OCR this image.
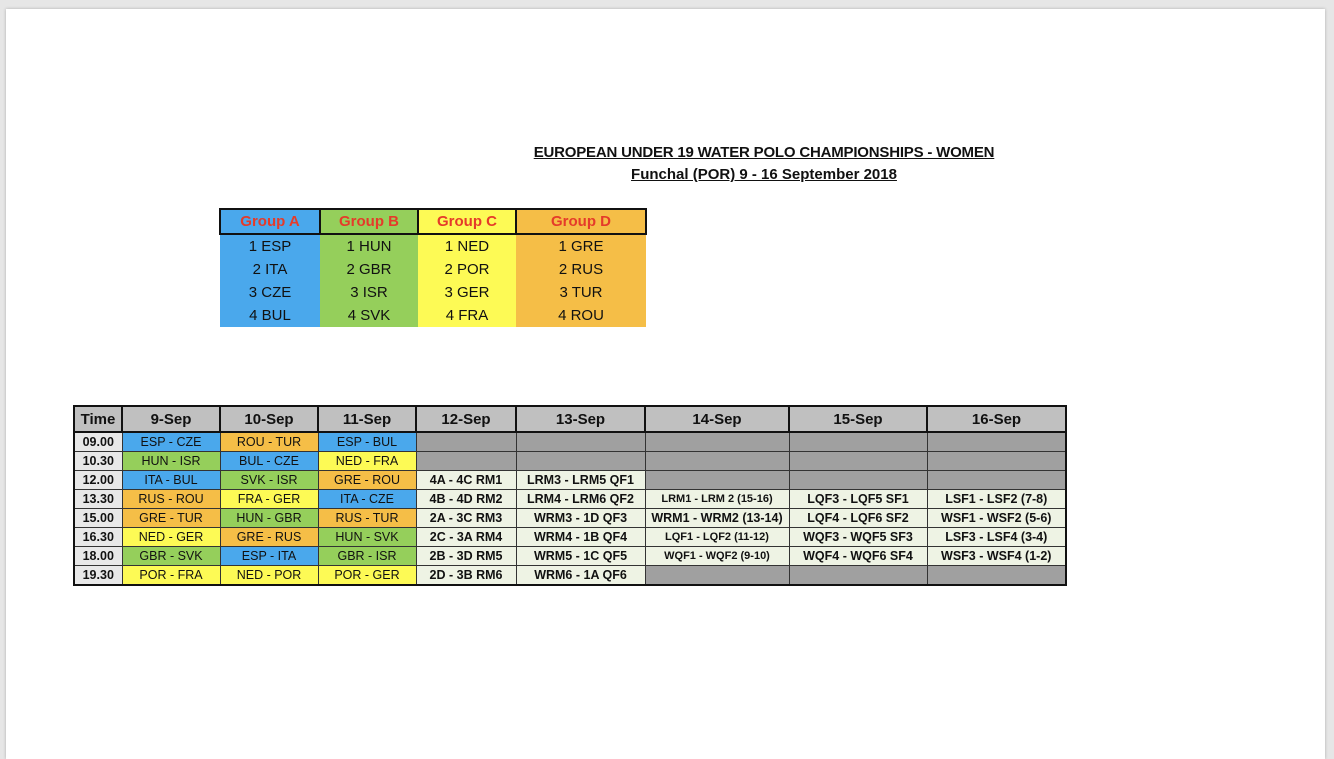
EUROPEAN UNDER 19 WATER POLO CHAMPIONSHIPS - WOMEN
Funchal (POR) 9 - 16 September 2018
Group A	Group B	Group C	Group D
1 ESP	1 HUN	1 NED	1 GRE
2 ITA	2 GBR	2 POR	2 RUS
3 CZE	3 ISR	3 GER	3 TUR
4 BUL	4 SVK	4 FRA	4 ROU
Time	9-Sep	10-Sep	11-Sep	12-Sep	13-Sep	14-Sep	15-Sep	16-Sep
09.00	ESP - CZE	ROU - TUR	ESP - BUL					
10.30	HUN - ISR	BUL - CZE	NED - FRA					
12.00	ITA - BUL	SVK - ISR	GRE - ROU	4A - 4C RM1	LRM3 - LRM5 QF1			
13.30	RUS - ROU	FRA - GER	ITA - CZE	4B - 4D RM2	LRM4 - LRM6 QF2	LRM1 - LRM 2 (15-16)	LQF3 - LQF5 SF1	LSF1 - LSF2 (7-8)
15.00	GRE - TUR	HUN - GBR	RUS - TUR	2A - 3C RM3	WRM3 - 1D QF3	WRM1 - WRM2 (13-14)	LQF4 - LQF6 SF2	WSF1 - WSF2 (5-6)
16.30	NED - GER	GRE - RUS	HUN - SVK	2C - 3A RM4	WRM4 - 1B QF4	LQF1 - LQF2 (11-12)	WQF3 - WQF5 SF3	LSF3 - LSF4 (3-4)
18.00	GBR - SVK	ESP - ITA	GBR - ISR	2B - 3D RM5	WRM5 - 1C QF5	WQF1 - WQF2 (9-10)	WQF4 - WQF6 SF4	WSF3 - WSF4 (1-2)
19.30	POR - FRA	NED - POR	POR - GER	2D - 3B RM6	WRM6 - 1A QF6			
